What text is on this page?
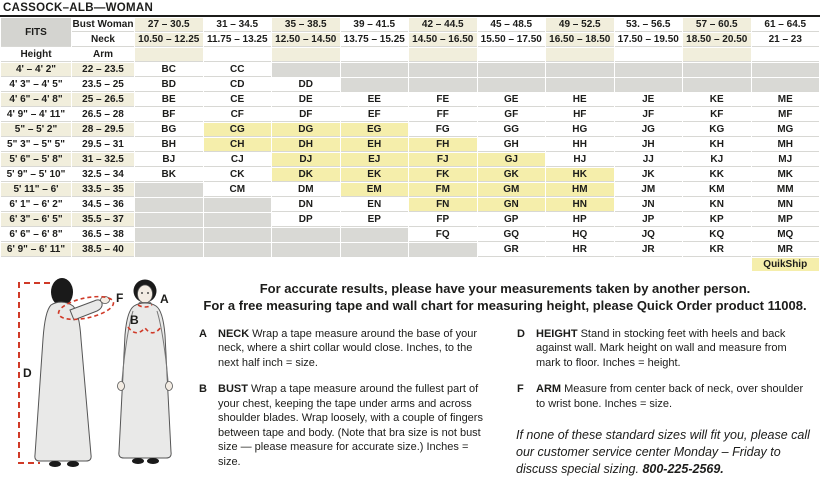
CASSOCK–ALB—WOMAN
FITS	Bust Woman	27 – 30.5	31 – 34.5	35 – 38.5	39 – 41.5	42 – 44.5	45 – 48.5	49 – 52.5	53. – 56.5	57 – 60.5	61 – 64.5
	Neck	10.50 – 12.25	11.75 – 13.25	12.50 – 14.50	13.75 – 15.25	14.50 – 16.50	15.50 – 17.50	16.50 – 18.50	17.50 – 19.50	18.50 – 20.50	21 – 23
Height	Arm										
4' – 4' 2"	22 – 23.5	BC	CC								
4' 3" – 4' 5"	23.5 – 25	BD	CD	DD							
4' 6" – 4' 8"	25 – 26.5	BE	CE	DE	EE	FE	GE	HE	JE	KE	ME
4' 9" – 4' 11"	26.5 – 28	BF	CF	DF	EF	FF	GF	HF	JF	KF	MF
5" – 5' 2"	28 – 29.5	BG	CG	DG	EG	FG	GG	HG	JG	KG	MG
5" 3" – 5" 5"	29.5 – 31	BH	CH	DH	EH	FH	GH	HH	JH	KH	MH
5' 6" – 5' 8"	31 – 32.5	BJ	CJ	DJ	EJ	FJ	GJ	HJ	JJ	KJ	MJ
5' 9" – 5' 10"	32.5 – 34	BK	CK	DK	EK	FK	GK	HK	JK	KK	MK
5' 11" – 6'	33.5 – 35		CM	DM	EM	FM	GM	HM	JM	KM	MM
6' 1" – 6' 2"	34.5 – 36			DN	EN	FN	GN	HN	JN	KN	MN
6' 3" – 6' 5"	35.5 – 37			DP	EP	FP	GP	HP	JP	KP	MP
6' 6" – 6' 8"	36.5 – 38					FQ	GQ	HQ	JQ	KQ	MQ
6' 9" – 6' 11"	38.5 – 40						GR	HR	JR	KR	MR
											QuikShip
D
F	A
B
For accurate results, please have your measurements taken by another person.
For a free measuring tape and wall chart for measuring height, please Quick Order product 11008.

A NECK Wrap a tape measure around the base of your neck, where a shirt collar would close. Inches, to the next half inch = size.

B BUST Wrap a tape measure around the fullest part of your chest, keeping the tape under arms and across shoulder blades. Wrap loosely, with a couple of fingers between tape and body. (Note that bra size is not bust size — please measure for accurate size.) Inches = size.

D HEIGHT Stand in stocking feet with heels and back against wall. Mark height on wall and measure from mark to floor. Inches = height.

F ARM Measure from center back of neck, over shoulder to wrist bone. Inches = size.

If none of these standard sizes will fit you, please call our customer service center Monday – Friday to discuss special sizing. 800-225-2569.
